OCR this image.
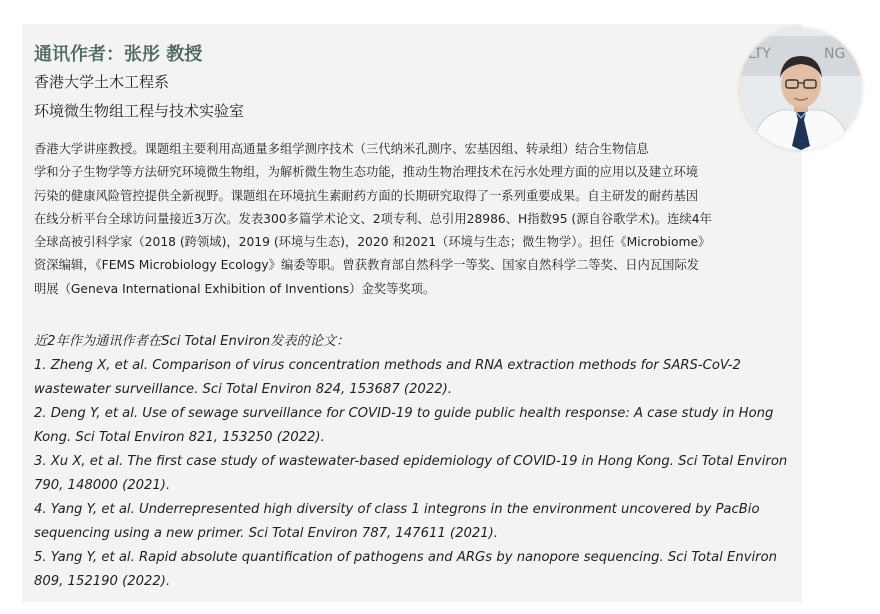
通讯作者：张彤 教授
香港大学土木工程系
环境微生物组工程与技术实验室
LTY	NG
香港大学讲座教授。课题组主要利用高通量多组学测序技术（三代纳米孔测序、宏基因组、转录组）结合生物信息
学和分子生物学等方法研究环境微生物组，为解析微生物生态功能，推动生物治理技术在污水处理方面的应用以及建立环境
污染的健康风险管控提供全新视野。课题组在环境抗生素耐药方面的长期研究取得了一系列重要成果。自主研发的耐药基因
在线分析平台全球访问量接近3万次。发表300多篇学术论文、2项专利、总引用28986、H指数95 (源自谷歌学术)。连续4年
全球高被引科学家（2018 (跨领域)，2019 (环境与生态)，2020 和2021（环境与生态；微生物学）。担任《Microbiome》
资深编辑，《FEMS Microbiology Ecology》编委等职。曾获教育部自然科学一等奖、国家自然科学二等奖、日内瓦国际发
明展（Geneva International Exhibition of Inventions）金奖等奖项。
近2年作为通讯作者在Sci Total Environ发表的论文：
1. Zheng X, et al. Comparison of virus concentration methods and RNA extraction methods for SARS-CoV-2
wastewater surveillance. Sci Total Environ 824, 153687 (2022).
2. Deng Y, et al. Use of sewage surveillance for COVID-19 to guide public health response: A case study in Hong
Kong. Sci Total Environ 821, 153250 (2022).
3. Xu X, et al. The first case study of wastewater-based epidemiology of COVID-19 in Hong Kong. Sci Total Environ
790, 148000 (2021).
4. Yang Y, et al. Underrepresented high diversity of class 1 integrons in the environment uncovered by PacBio
sequencing using a new primer. Sci Total Environ 787, 147611 (2021).
5. Yang Y, et al. Rapid absolute quantification of pathogens and ARGs by nanopore sequencing. Sci Total Environ
809, 152190 (2022).
